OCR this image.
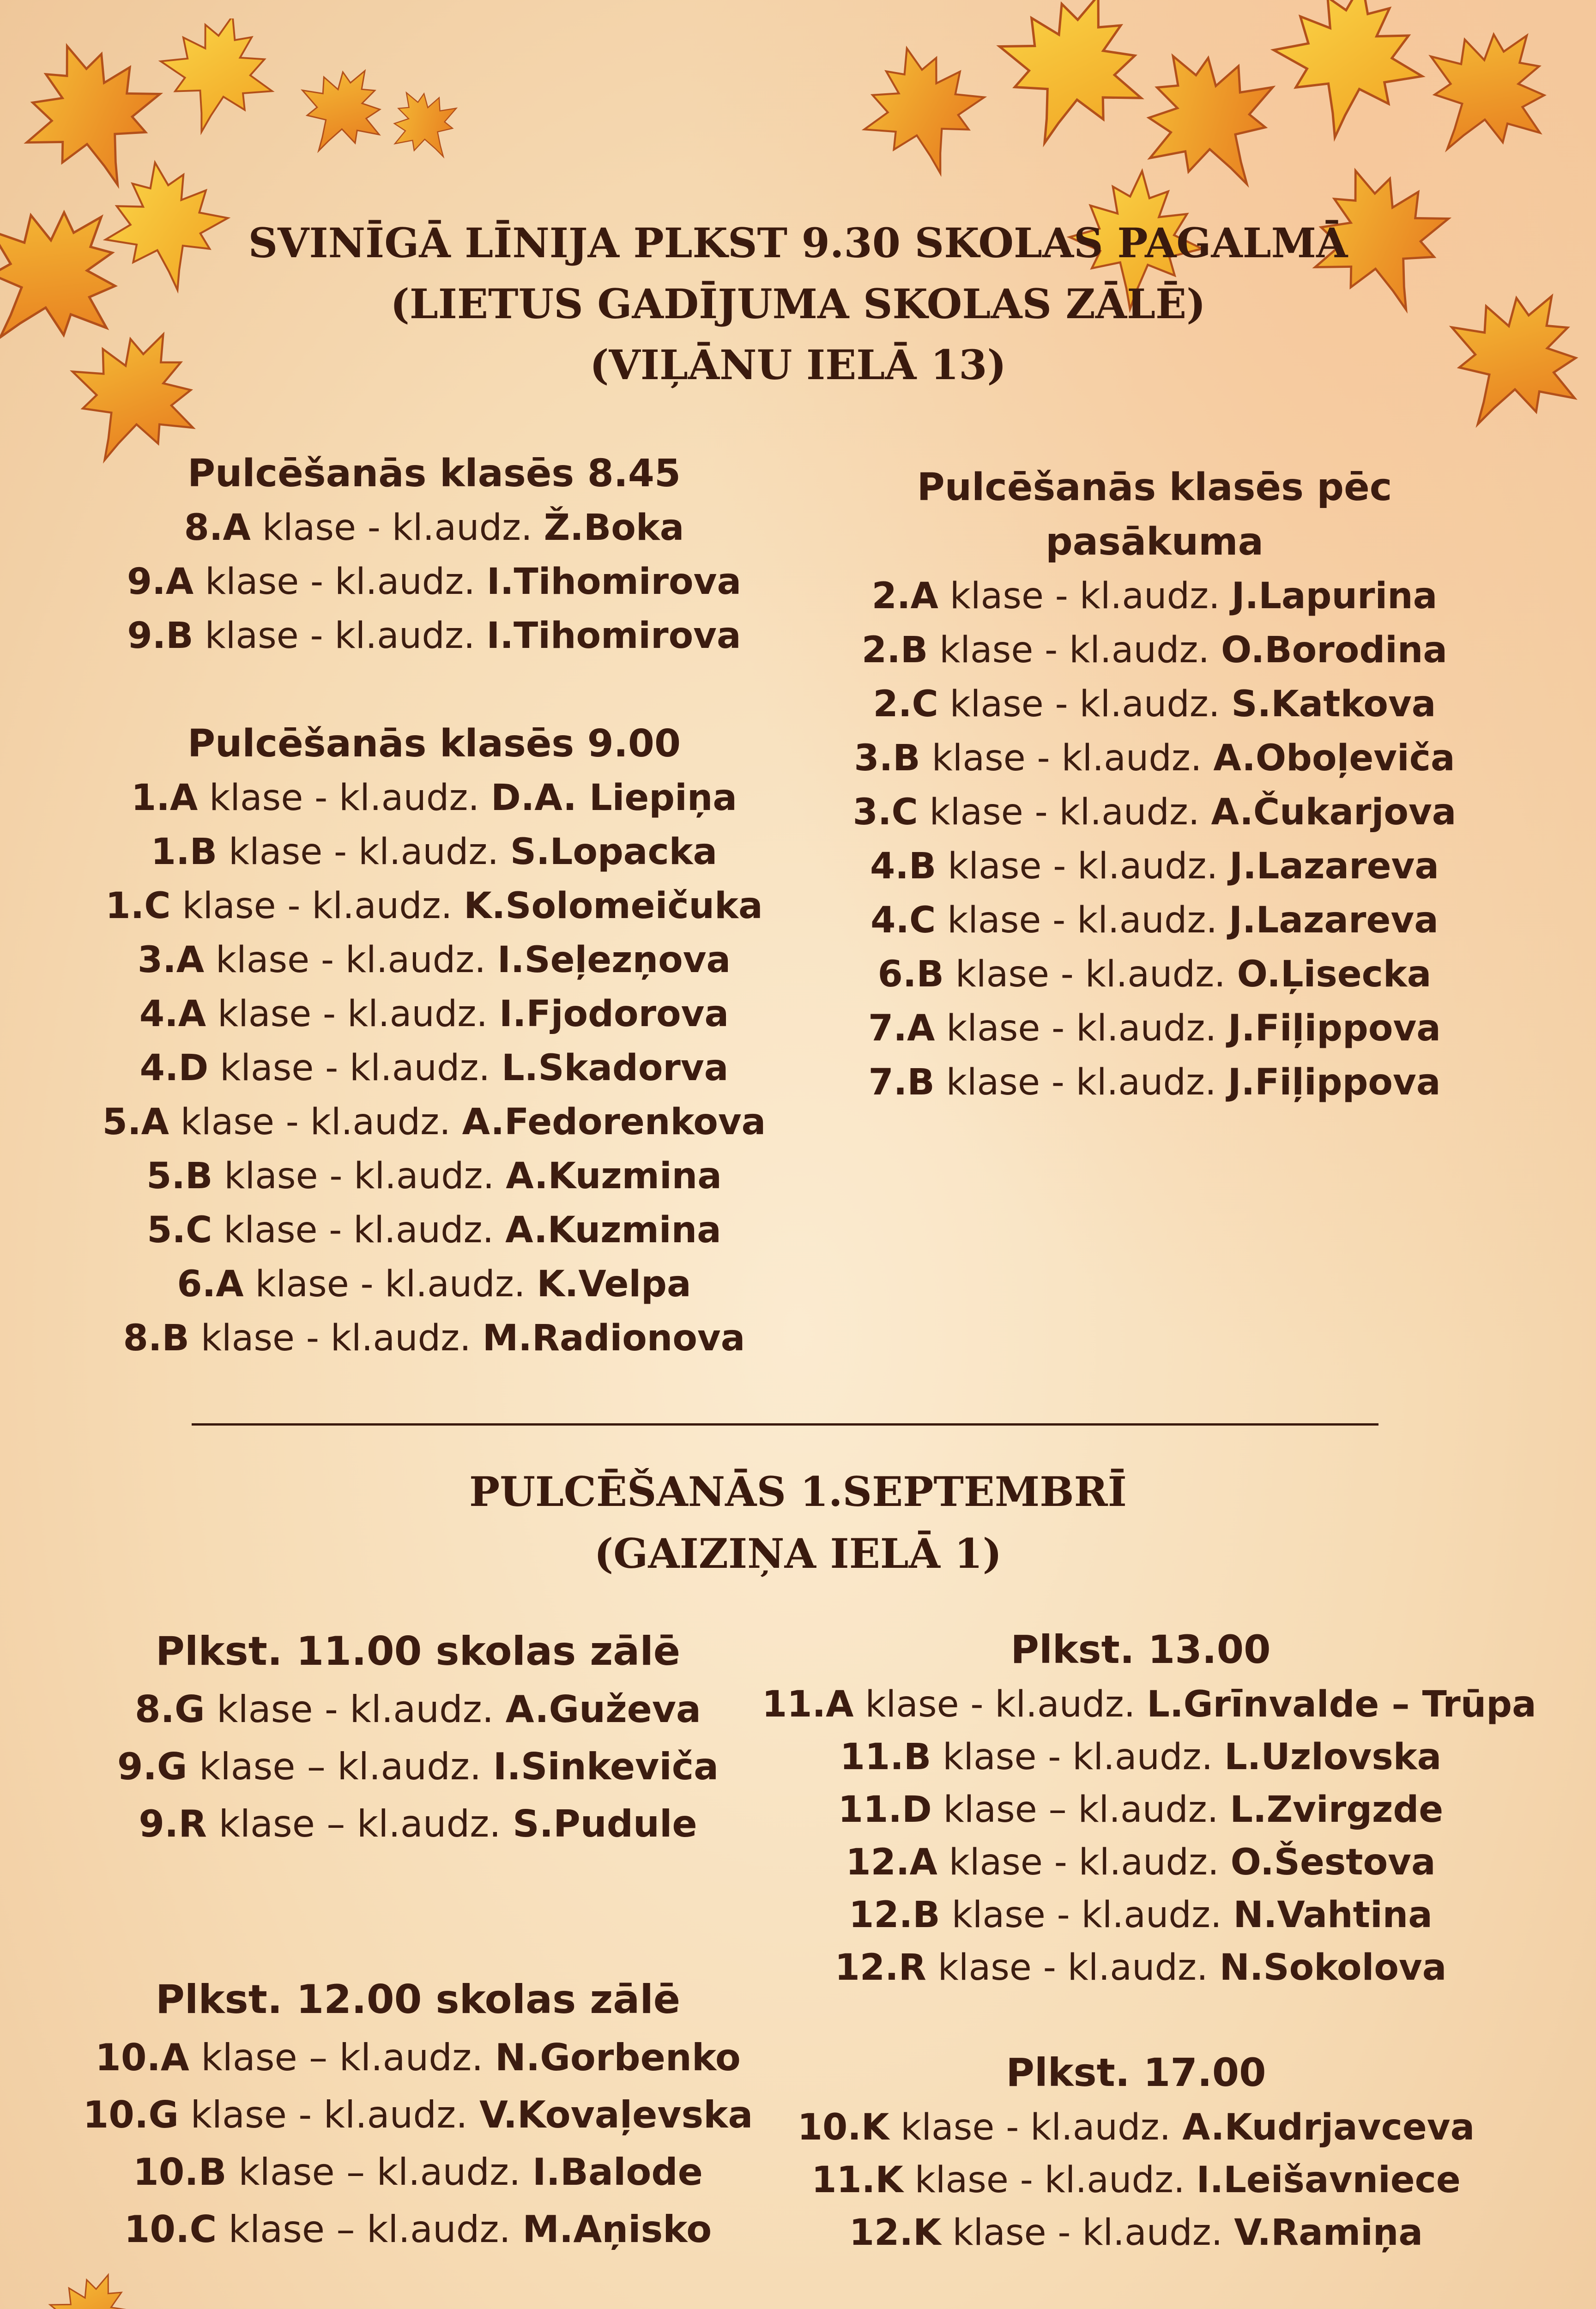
SVINĪGĀ LĪNIJA PLKST 9.30 SKOLAS PAGALMĀ
(LIETUS GADĪJUMA SKOLAS ZĀLĒ)
(VIĻĀNU IELĀ 13)
Pulcēšanās klasēs 8.45
8.A klase - kl.audz. Ž.Boka
9.A klase - kl.audz. I.Tihomirova
9.B klase - kl.audz. I.Tihomirova
Pulcēšanās klasēs 9.00
1.A klase - kl.audz. D.A. Liepiņa
1.B klase - kl.audz. S.Lopacka
1.C klase - kl.audz. K.Solomeičuka
3.A klase - kl.audz. I.Seļezņova
4.A klase - kl.audz. I.Fjodorova
4.D klase - kl.audz. L.Skadorva
5.A klase - kl.audz. A.Fedorenkova
5.B klase - kl.audz. A.Kuzmina
5.C klase - kl.audz. A.Kuzmina
6.A klase - kl.audz. K.Velpa
8.B klase - kl.audz. M.Radionova
Pulcēšanās klasēs pēc pasākuma
2.A klase - kl.audz. J.Lapurina
2.B klase - kl.audz. O.Borodina
2.C klase - kl.audz. S.Katkova
3.B klase - kl.audz. A.Oboļeviča
3.C klase - kl.audz. A.Čukarjova
4.B klase - kl.audz. J.Lazareva
4.C klase - kl.audz. J.Lazareva
6.B klase - kl.audz. O.Ļisecka
7.A klase - kl.audz. J.Fiļippova
7.B klase - kl.audz. J.Fiļippova
PULCĒŠANĀS 1.SEPTEMBRĪ
(GAIZIŅA IELĀ 1)
Plkst. 11.00 skolas zālē
8.G klase - kl.audz. A.Guževa
9.G klase – kl.audz. I.Sinkeviča
9.R klase – kl.audz. S.Pudule
Plkst. 12.00 skolas zālē
10.A klase – kl.audz. N.Gorbenko
10.G klase - kl.audz. V.Kovaļevska
10.B klase – kl.audz. I.Balode
10.C klase – kl.audz. M.Aņisko
Plkst. 13.00
11.A klase - kl.audz. L.Grīnvalde – Trūpa
11.B klase - kl.audz. L.Uzlovska
11.D klase – kl.audz. L.Zvirgzde
12.A klase - kl.audz. O.Šestova
12.B klase - kl.audz. N.Vahtina
12.R klase - kl.audz. N.Sokolova
Plkst. 17.00
10.K klase - kl.audz. A.Kudrjavceva
11.K klase - kl.audz. I.Leišavniece
12.K klase - kl.audz. V.Ramiņa
